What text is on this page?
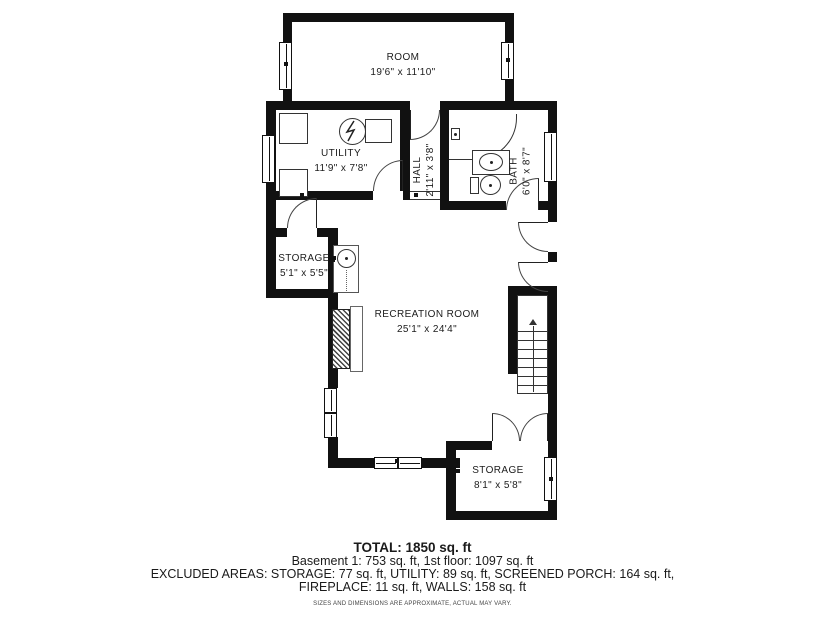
ROOM
19'6" x 11'10"
UTILITY
11'9" x 7'8"	HALL 2'11" x 3'8"	BATH 6'0" x 8'7"
STORAGE
5'1" x 5'5"
RECREATION ROOM
25'1" x 24'4"
STORAGE
8'1" x 5'8"
TOTAL: 1850 sq. ft
Basement 1: 753 sq. ft, 1st floor: 1097 sq. ft
EXCLUDED AREAS: STORAGE: 77 sq. ft, UTILITY: 89 sq. ft, SCREENED PORCH: 164 sq. ft,
FIREPLACE: 11 sq. ft, WALLS: 158 sq. ft
SIZES AND DIMENSIONS ARE APPROXIMATE, ACTUAL MAY VARY.
